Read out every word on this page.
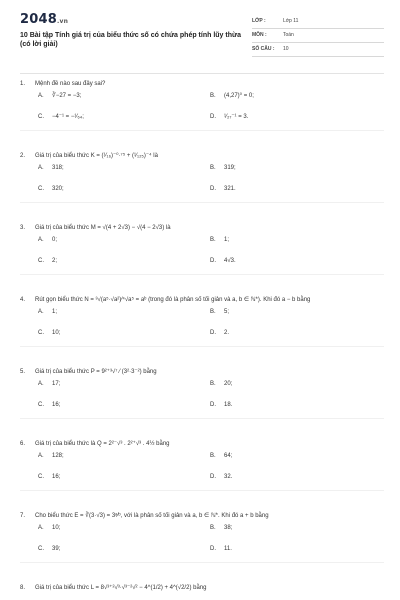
2048.vn
10 Bài tập Tính giá trị của biểu thức số có chứa phép tính lũy thừa (có lời giải)
LỚP :	Lớp 11
MÔN :	Toán
SỐ CÂU : 10
1. Mệnh đề nào sau đây sai?
A. ∛−27 = −3;	B. (4,27)⁰ = 0;
C. −4⁻¹ = −¹⁄₆₄;	D. ¹⁄₂₇⁻¹ = 3.
2. Giá trị của biểu thức K = (¹⁄₁₆)⁻⁰·⁷⁵ + (¹⁄₁₂₅)⁻⁴ là
A. 318;	B. 319;
C. 320;	D. 321.
3. Giá trị của biểu thức M = √(4 + 2√3) − √(4 − 2√3) là
A. 0;	B. 1;
C. 2;	D. 4√3.
4. Rút gọn biểu thức N = ³√(a⁵·√a²)⁄⁴√a⁵ = aᵇ (trong đó là phân số tối giản và a, b ∈ ℕ*). Khi đó a − b bằng
A. 1;	B. 5;
C. 10;	D. 2.
5. Giá trị của biểu thức P = 9²⁺³√⁷ ⁄ (3²·3⁻²) bằng
A. 17;	B. 20;
C. 16;	D. 18.
6. Giá trị của biểu thức là Q = 2²⁻√³ . 2²⁺√³ . 4½ bằng
A. 128;	B. 64;
C. 16;	D. 32.
7. Cho biểu thức E = ∛(3·√3) = 3ᵃ⁄ᵇ, với là phân số tối giản và a, b ∈ ℕ*. Khi đó a + b bằng
A. 10;	B. 38;
C. 39;	D. 11.
8. Giá trị của biểu thức L = 8√³⁺²√³·√³⁻²√² − 4^(1/2) + 4^(√2/2) bằng
